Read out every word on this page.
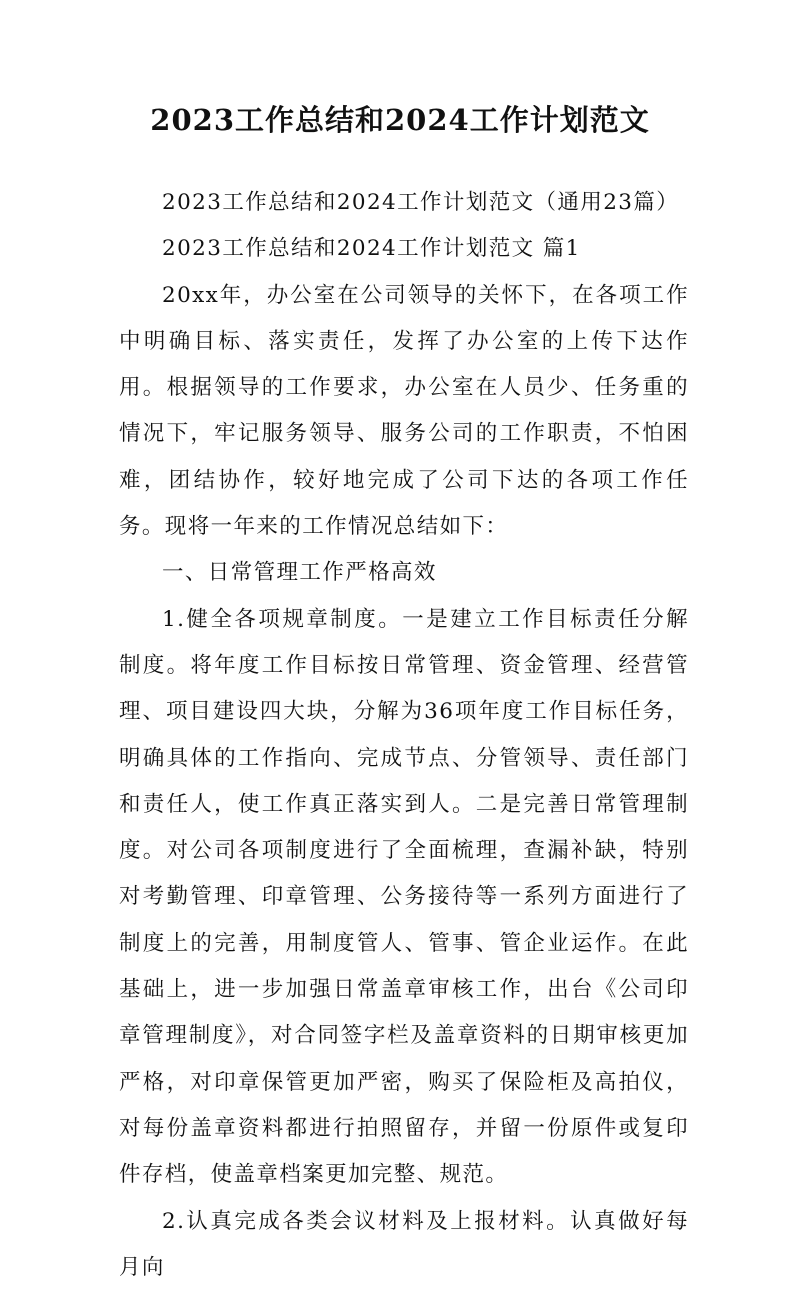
2023工作总结和2024工作计划范文

2023工作总结和2024工作计划范文（通用23篇）

2023工作总结和2024工作计划范文 篇1

20xx年，办公室在公司领导的关怀下，在各项工作中明确目标、落实责任，发挥了办公室的上传下达作用。根据领导的工作要求，办公室在人员少、任务重的情况下，牢记服务领导、服务公司的工作职责，不怕困难，团结协作，较好地完成了公司下达的各项工作任务。现将一年来的工作情况总结如下：

一、日常管理工作严格高效

1.健全各项规章制度。一是建立工作目标责任分解制度。将年度工作目标按日常管理、资金管理、经营管理、项目建设四大块，分解为36项年度工作目标任务，明确具体的工作指向、完成节点、分管领导、责任部门和责任人，使工作真正落实到人。二是完善日常管理制度。对公司各项制度进行了全面梳理，查漏补缺，特别对考勤管理、印章管理、公务接待等一系列方面进行了制度上的完善，用制度管人、管事、管企业运作。在此基础上，进一步加强日常盖章审核工作，出台《公司印章管理制度》，对合同签字栏及盖章资料的日期审核更加严格，对印章保管更加严密，购买了保险柜及高拍仪，对每份盖章资料都进行拍照留存，并留一份原件或复印件存档，使盖章档案更加完整、规范。

2.认真完成各类会议材料及上报材料。认真做好每月向
